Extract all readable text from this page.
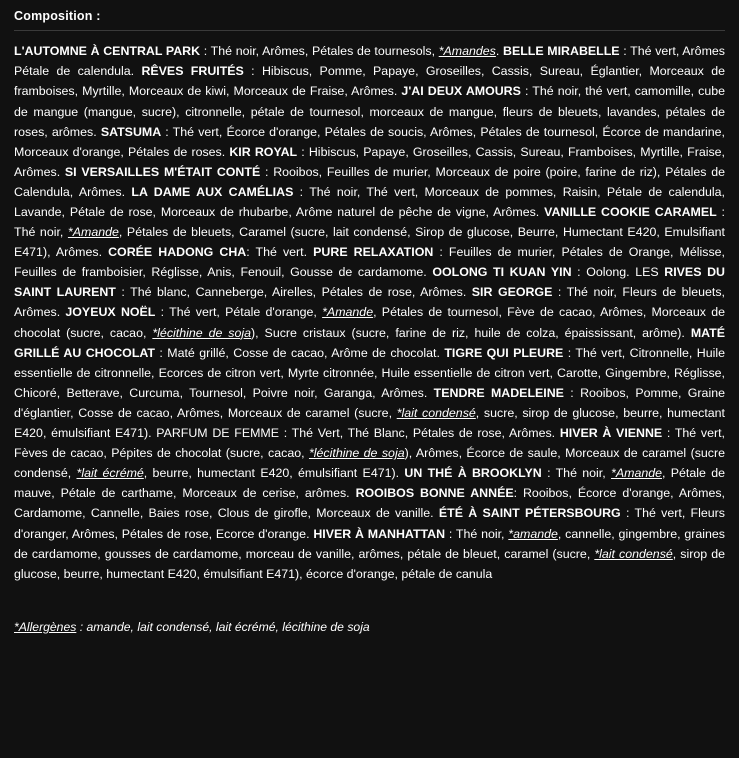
Composition :
L'AUTOMNE À CENTRAL PARK : Thé noir, Arômes, Pétales de tournesols, *Amandes. BELLE MIRABELLE : Thé vert, Arômes Pétale de calendula. RÊVES FRUITÉS : Hibiscus, Pomme, Papaye, Groseilles, Cassis, Sureau, Églantier, Morceaux de framboises, Myrtille, Morceaux de kiwi, Morceaux de Fraise, Arômes. J'AI DEUX AMOURS : Thé noir, thé vert, camomille, cube de mangue (mangue, sucre), citronnelle, pétale de tournesol, morceaux de mangue, fleurs de bleuets, lavandes, pétales de roses, arômes. SATSUMA : Thé vert, Écorce d'orange, Pétales de soucis, Arômes, Pétales de tournesol, Écorce de mandarine, Morceaux d'orange, Pétales de roses. KIR ROYAL : Hibiscus, Papaye, Groseilles, Cassis, Sureau, Framboises, Myrtille, Fraise, Arômes. SI VERSAILLES M'ÉTAIT CONTÉ : Rooibos, Feuilles de murier, Morceaux de poire (poire, farine de riz), Pétales de Calendula, Arômes. LA DAME AUX CAMÉLIAS : Thé noir, Thé vert, Morceaux de pommes, Raisin, Pétale de calendula, Lavande, Pétale de rose, Morceaux de rhubarbe, Arôme naturel de pêche de vigne, Arômes. VANILLE COOKIE CARAMEL : Thé noir, *Amande, Pétales de bleuets, Caramel (sucre, lait condensé, Sirop de glucose, Beurre, Humectant E420, Emulsifiant E471), Arômes. CORÉE HADONG CHA: Thé vert. PURE RELAXATION : Feuilles de murier, Pétales de Orange, Mélisse, Feuilles de framboisier, Réglisse, Anis, Fenouil, Gousse de cardamome. OOLONG TI KUAN YIN : Oolong. LES RIVES DU SAINT LAURENT : Thé blanc, Canneberge, Airelles, Pétales de rose, Arômes. SIR GEORGE : Thé noir, Fleurs de bleuets, Arômes. JOYEUX NOËL : Thé vert, Pétale d'orange, *Amande, Pétales de tournesol, Fève de cacao, Arômes, Morceaux de chocolat (sucre, cacao, *lécithine de soja), Sucre cristaux (sucre, farine de riz, huile de colza, épaississant, arôme). MATÉ GRILLÉ AU CHOCOLAT : Maté grillé, Cosse de cacao, Arôme de chocolat. TIGRE QUI PLEURE : Thé vert, Citronnelle, Huile essentielle de citronnelle, Ecorces de citron vert, Myrte citronnée, Huile essentielle de citron vert, Carotte, Gingembre, Réglisse, Chicoré, Betterave, Curcuma, Tournesol, Poivre noir, Garanga, Arômes. TENDRE MADELEINE : Rooibos, Pomme, Graine d'églantier, Cosse de cacao, Arômes, Morceaux de caramel (sucre, *lait condensé, sucre, sirop de glucose, beurre, humectant E420, émulsifiant E471). PARFUM DE FEMME : Thé Vert, Thé Blanc, Pétales de rose, Arômes. HIVER À VIENNE : Thé vert, Fèves de cacao, Pépites de chocolat (sucre, cacao, *lécithine de soja), Arômes, Écorce de saule, Morceaux de caramel (sucre condensé, *lait écrémé, beurre, humectant E420, émulsifiant E471). UN THÉ À BROOKLYN : Thé noir, *Amande, Pétale de mauve, Pétale de carthame, Morceaux de cerise, arômes. ROOIBOS BONNE ANNÉE: Rooibos, Écorce d'orange, Arômes, Cardamome, Cannelle, Baies rose, Clous de girofle, Morceaux de vanille. ÉTÉ À SAINT PÉTERSBOURG : Thé vert, Fleurs d'oranger, Arômes, Pétales de rose, Ecorce d'orange. HIVER À MANHATTAN : Thé noir, *amande, cannelle, gingembre, graines de cardamome, gousses de cardamome, morceau de vanille, arômes, pétale de bleuet, caramel (sucre, *lait condensé, sirop de glucose, beurre, humectant E420, émulsifiant E471), écorce d'orange, pétale de canula
*Allergènes : amande, lait condensé, lait écrémé, lécithine de soja
